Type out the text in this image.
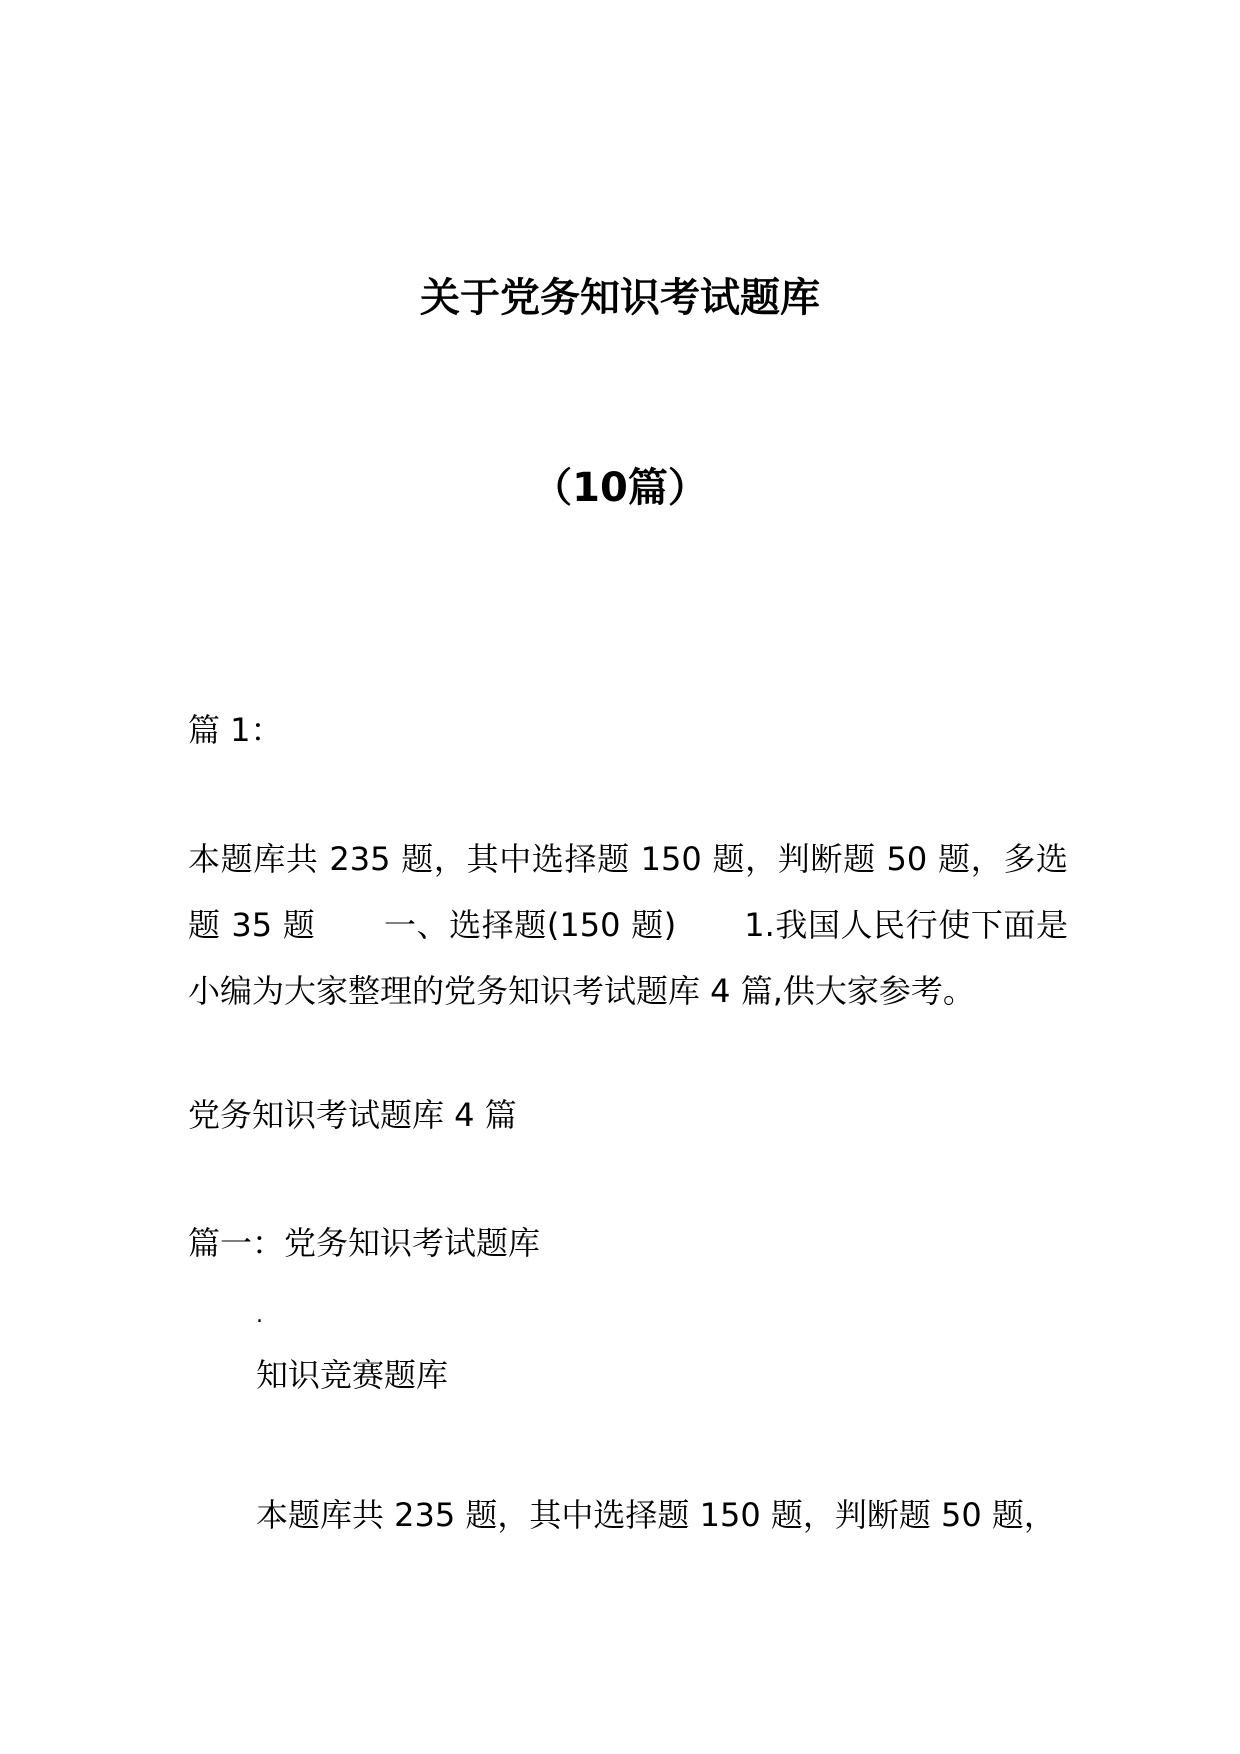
关于党务知识考试题库
（10篇）

篇 1：

本题库共 235 题，其中选择题 150 题，判断题 50 题，多选题 35 题 一、选择题(150 题) 1.我国人民行使下面是小编为大家整理的党务知识考试题库 4 篇,供大家参考。

党务知识考试题库 4 篇

篇一：党务知识考试题库

.

知识竞赛题库

本题库共 235 题，其中选择题 150 题，判断题 50 题，
